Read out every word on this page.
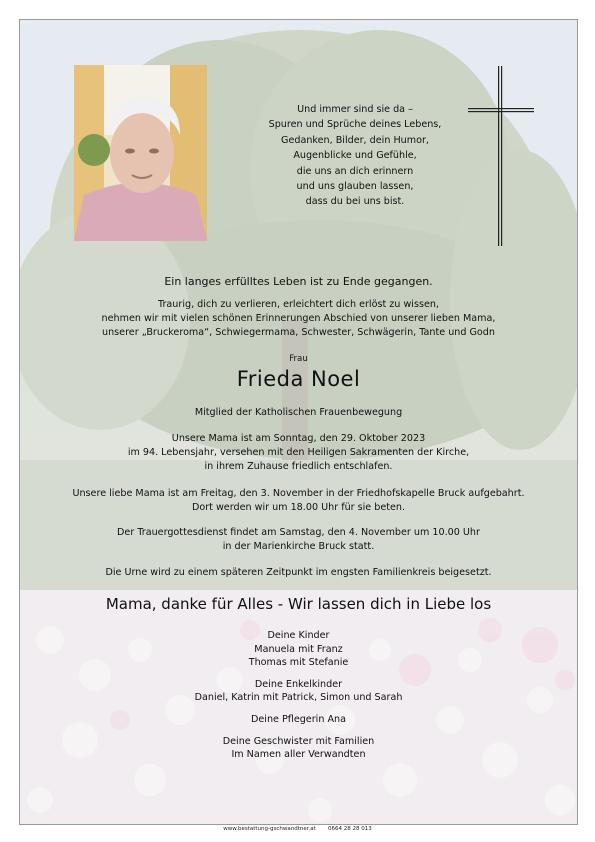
Und immer sind sie da –
Spuren und Sprüche deines Lebens,
Gedanken, Bilder, dein Humor,
Augenblicke und Gefühle,
die uns an dich erinnern
und uns glauben lassen,
dass du bei uns bist.
Ein langes erfülltes Leben ist zu Ende gegangen.
Traurig, dich zu verlieren, erleichtert dich erlöst zu wissen,
nehmen wir mit vielen schönen Erinnerungen Abschied von unserer lieben Mama,
unserer „Bruckeroma“, Schwiegermama, Schwester, Schwägerin, Tante und Godn
Frau
Frieda Noel
Mitglied der Katholischen Frauenbewegung
Unsere Mama ist am Sonntag, den 29. Oktober 2023
im 94. Lebensjahr, versehen mit den Heiligen Sakramenten der Kirche,
in ihrem Zuhause friedlich entschlafen.
Unsere liebe Mama ist am Freitag, den 3. November in der Friedhofskapelle Bruck aufgebahrt.
Dort werden wir um 18.00 Uhr für sie beten.
Der Trauergottesdienst findet am Samstag, den 4. November um 10.00 Uhr
in der Marienkirche Bruck statt.
Die Urne wird zu einem späteren Zeitpunkt im engsten Familienkreis beigesetzt.
Mama, danke für Alles - Wir lassen dich in Liebe los
Deine Kinder
Manuela mit Franz
Thomas mit Stefanie
Deine Enkelkinder
Daniel, Katrin mit Patrick, Simon und Sarah
Deine Pflegerin Ana
Deine Geschwister mit Familien
Im Namen aller Verwandten
www.bestattung-gschwandtner.at 0664 28 28 013
